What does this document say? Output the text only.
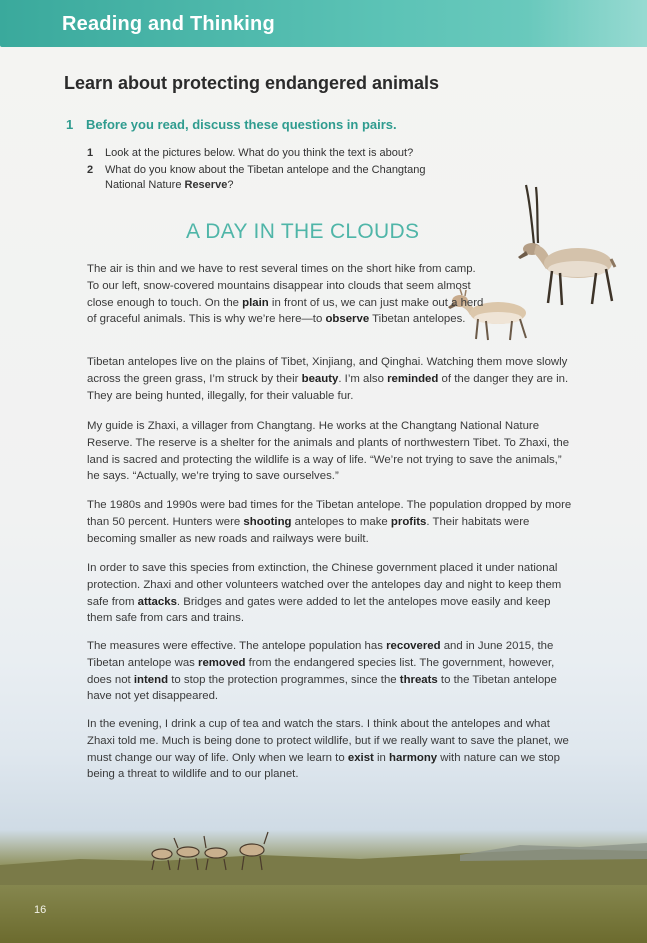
Reading and Thinking
Learn about protecting endangered animals
1 Before you read, discuss these questions in pairs.
1 Look at the pictures below. What do you think the text is about?
2 What do you know about the Tibetan antelope and the Changtang
National Nature Reserve?
A DAY IN THE CLOUDS
The air is thin and we have to rest several times on the short hike from camp. To our left, snow-covered mountains disappear into clouds that seem almost close enough to touch. On the plain in front of us, we can just make out a herd of graceful animals. This is why we’re here—to observe Tibetan antelopes.
Tibetan antelopes live on the plains of Tibet, Xinjiang, and Qinghai. Watching them move slowly across the green grass, I’m struck by their beauty. I’m also reminded of the danger they are in. They are being hunted, illegally, for their valuable fur.
My guide is Zhaxi, a villager from Changtang. He works at the Changtang National Nature Reserve. The reserve is a shelter for the animals and plants of northwestern Tibet. To Zhaxi, the land is sacred and protecting the wildlife is a way of life. “We’re not trying to save the animals,” he says. “Actually, we’re trying to save ourselves.”
The 1980s and 1990s were bad times for the Tibetan antelope. The population dropped by more than 50 percent. Hunters were shooting antelopes to make profits. Their habitats were becoming smaller as new roads and railways were built.
In order to save this species from extinction, the Chinese government placed it under national protection. Zhaxi and other volunteers watched over the antelopes day and night to keep them safe from attacks. Bridges and gates were added to let the antelopes move easily and keep them safe from cars and trains.
The measures were effective. The antelope population has recovered and in June 2015, the Tibetan antelope was removed from the endangered species list. The government, however, does not intend to stop the protection programmes, since the threats to the Tibetan antelope have not yet disappeared.
In the evening, I drink a cup of tea and watch the stars. I think about the antelopes and what Zhaxi told me. Much is being done to protect wildlife, but if we really want to save the planet, we must change our way of life. Only when we learn to exist in harmony with nature can we stop being a threat to wildlife and to our planet.
16
